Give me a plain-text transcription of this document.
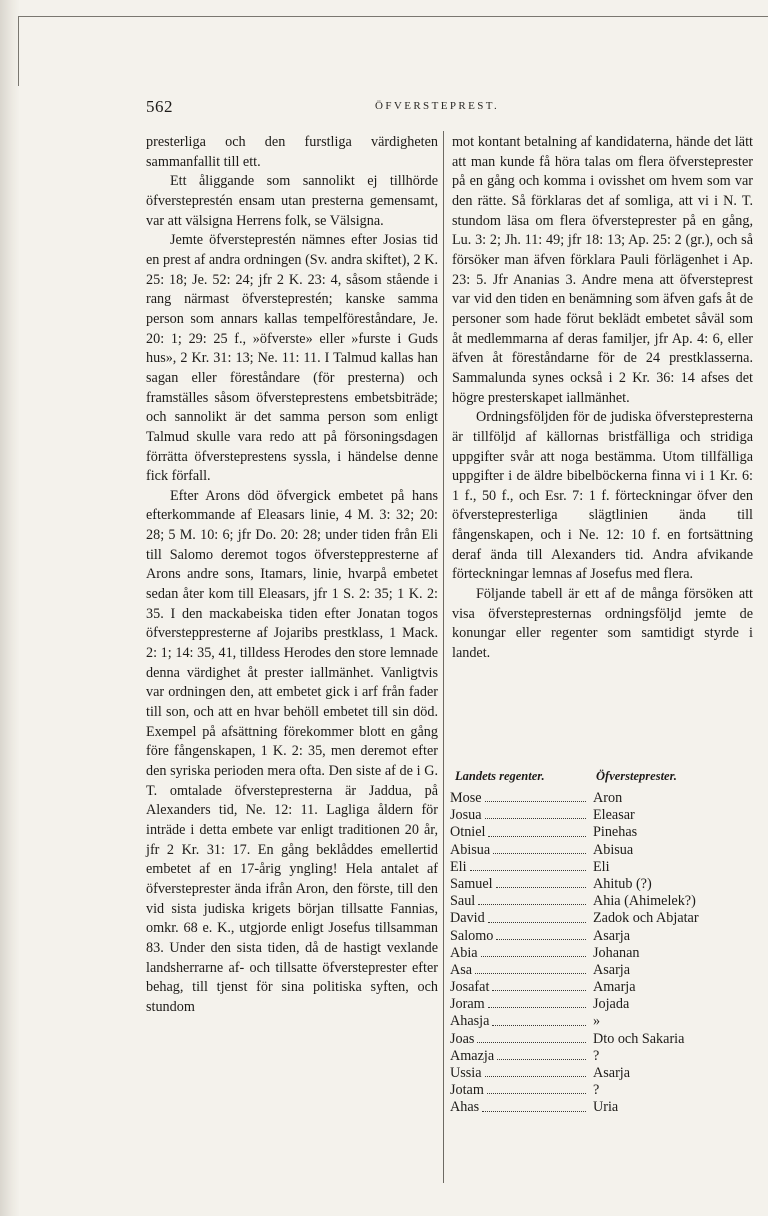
562	ÖFVERSTEPREST.

presterliga och den furstliga värdigheten sammanfallit till ett.

Ett åliggande som sannolikt ej tillhörde öfversteprestén ensam utan presterna gemensamt, var att välsigna Herrens folk, se Välsigna.

Jemte öfversteprestén nämnes efter Josias tid en prest af andra ordningen (Sv. andra skiftet), 2 K. 25: 18; Je. 52: 24; jfr 2 K. 23: 4, såsom stående i rang närmast öfversteprestén; kanske samma person som annars kallas tempelföreståndare, Je. 20: 1; 29: 25 f., »öfverste» eller »furste i Guds hus», 2 Kr. 31: 13; Ne. 11: 11. I Talmud kallas han sagan eller föreståndare (för presterna) och framställes såsom öfversteprestens embetsbiträde; och sannolikt är det samma person som enligt Talmud skulle vara redo att på försoningsdagen förrätta öfversteprestens syssla, i händelse denne fick förfall.

Efter Arons död öfvergick embetet på hans efterkommande af Eleasars linie, 4 M. 3: 32; 20: 28; 5 M. 10: 6; jfr Do. 20: 28; under tiden från Eli till Salomo deremot togos öfversteppresterne af Arons andre sons, Itamars, linie, hvarpå embetet sedan åter kom till Eleasars, jfr 1 S. 2: 35; 1 K. 2: 35. I den mackabeiska tiden efter Jonatan togos öfversteppresterne af Jojaribs prestklass, 1 Mack. 2: 1; 14: 35, 41, tilldess Herodes den store lemnade denna värdighet åt prester iallmänhet. Vanligtvis var ordningen den, att embetet gick i arf från fader till son, och att en hvar behöll embetet till sin död. Exempel på afsättning förekommer blott en gång före fångenskapen, 1 K. 2: 35, men deremot efter den syriska perioden mera ofta. Den siste af de i G. T. omtalade öfverstepresterna är Jaddua, på Alexanders tid, Ne. 12: 11. Lagliga åldern för inträde i detta embete var enligt traditionen 20 år, jfr 2 Kr. 31: 17. En gång beklåddes emellertid embetet af en 17-årig yngling! Hela antalet af öfversteprester ända ifrån Aron, den förste, till den vid sista judiska krigets början tillsatte Fannias, omkr. 68 e. K., utgjorde enligt Josefus tillsamman 83. Under den sista tiden, då de hastigt vexlande landsherrarne af- och tillsatte öfversteprester efter behag, till tjenst för sina politiska syften, och stundom

mot kontant betalning af kandidaterna, hände det lätt att man kunde få höra talas om flera öfversteprester på en gång och komma i ovisshet om hvem som var den rätte. Så förklaras det af somliga, att vi i N. T. stundom läsa om flera öfversteprester på en gång, Lu. 3: 2; Jh. 11: 49; jfr 18: 13; Ap. 25: 2 (gr.), och så försöker man äfven förklara Pauli förlägenhet i Ap. 23: 5. Jfr Ananias 3. Andre mena att öfversteprest var vid den tiden en benämning som äfven gafs åt de personer som hade förut beklädt embetet såväl som åt medlemmarna af deras familjer, jfr Ap. 4: 6, eller äfven åt föreståndarne för de 24 prestklasserna. Sammalunda synes också i 2 Kr. 36: 14 afses det högre presterskapet iallmänhet.

Ordningsföljden för de judiska öfverstepresterna är tillföljd af källornas bristfälliga och stridiga uppgifter svår att noga bestämma. Utom tillfälliga uppgifter i de äldre bibelböckerna finna vi i 1 Kr. 6: 1 f., 50 f., och Esr. 7: 1 f. förteckningar öfver den öfverstepresterliga slägtlinien ända till fångenskapen, och i Ne. 12: 10 f. en fortsättning deraf ända till Alexanders tid. Andra afvikande förteckningar lemnas af Josefus med flera.

Följande tabell är ett af de många försöken att visa öfverstepresternas ordningsföljd jemte de konungar eller regenter som samtidigt styrde i landet.

Landets regenter.	Öfversteprester.
Mose	Aron
Josua	Eleasar
Otniel	Pinehas
Abisua	Abisua
Eli	Eli
Samuel	Ahitub (?)
Saul	Ahia (Ahimelek?)
David	Zadok och Abjatar
Salomo	Asarja
Abia	Johanan
Asa	Asarja
Josafat	Amarja
Joram	Jojada
Ahasja	»
Joas	Dto och Sakaria
Amazja	?
Ussia	Asarja
Jotam	?
Ahas	Uria
